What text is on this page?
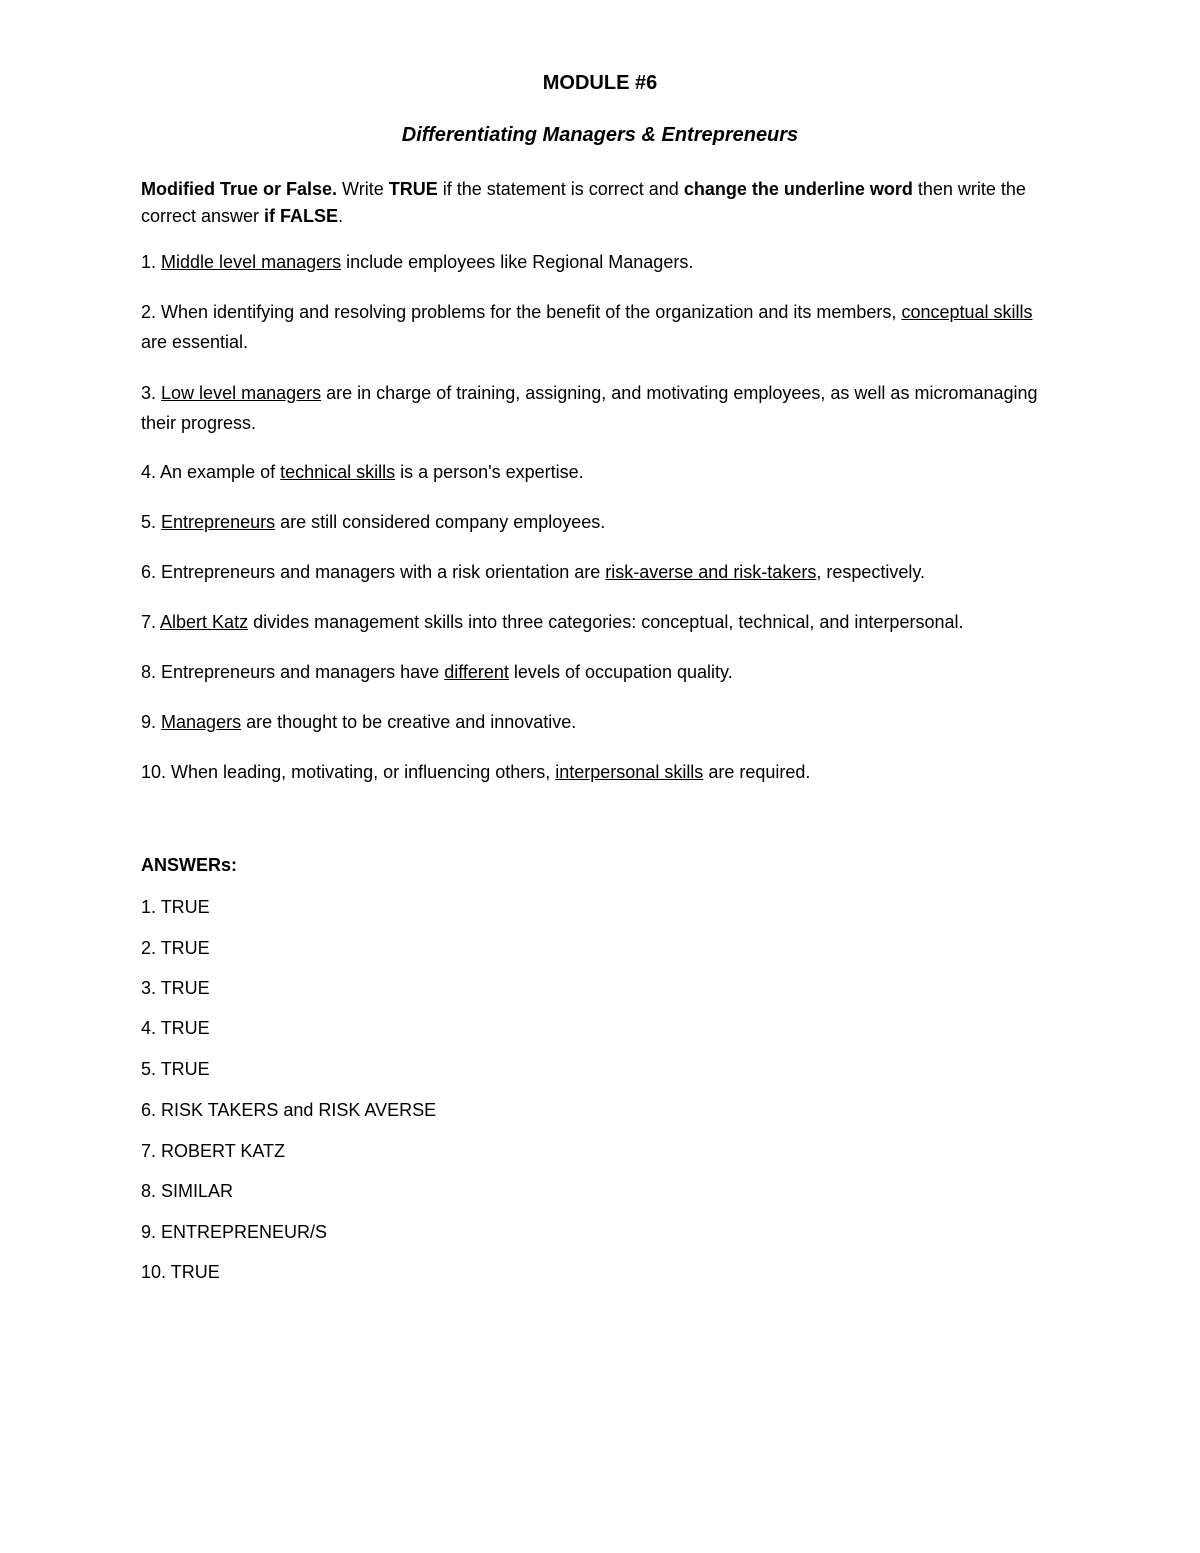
MODULE #6
Differentiating Managers & Entrepreneurs

Modified True or False. Write TRUE if the statement is correct and change the underline word then write the correct answer if FALSE.

1. Middle level managers include employees like Regional Managers.

2. When identifying and resolving problems for the benefit of the organization and its members, conceptual skills are essential.

3. Low level managers are in charge of training, assigning, and motivating employees, as well as micromanaging their progress.

4. An example of technical skills is a person's expertise.

5. Entrepreneurs are still considered company employees.

6. Entrepreneurs and managers with a risk orientation are risk-averse and risk-takers, respectively.

7. Albert Katz divides management skills into three categories: conceptual, technical, and interpersonal.

8. Entrepreneurs and managers have different levels of occupation quality.

9. Managers are thought to be creative and innovative.

10. When leading, motivating, or influencing others, interpersonal skills are required.

ANSWERs:

1. TRUE

2. TRUE

3. TRUE

4. TRUE

5. TRUE

6. RISK TAKERS and RISK AVERSE

7. ROBERT KATZ

8. SIMILAR

9. ENTREPRENEUR/S

10. TRUE
